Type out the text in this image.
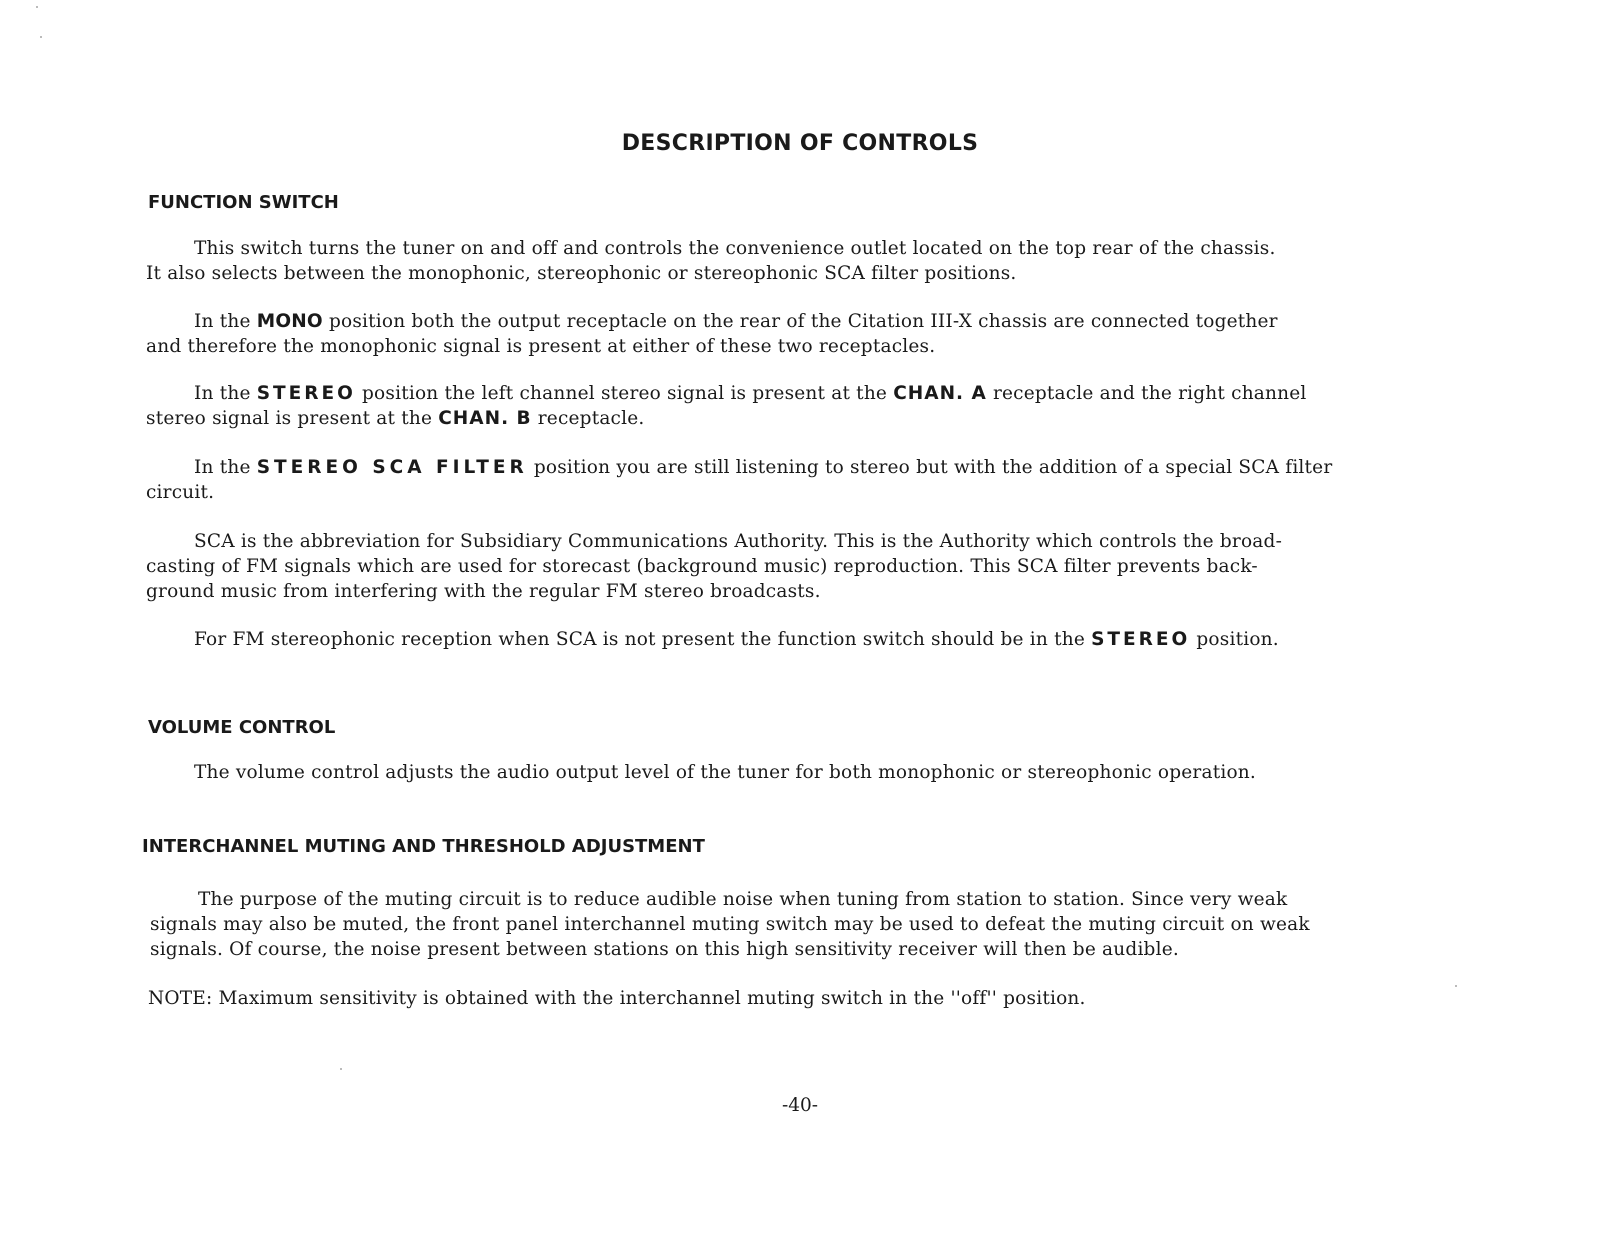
DESCRIPTION OF CONTROLS
FUNCTION SWITCH
This switch turns the tuner on and off and controls the convenience outlet located on the top rear of the chassis.
It also selects between the monophonic, stereophonic or stereophonic SCA filter positions.
In the MONO position both the output receptacle on the rear of the Citation III-X chassis are connected together
and therefore the monophonic signal is present at either of these two receptacles.
In the STEREO position the left channel stereo signal is present at the CHAN. A receptacle and the right channel
stereo signal is present at the CHAN. B receptacle.
In the STEREO SCA FILTER position you are still listening to stereo but with the addition of a special SCA filter
circuit.
SCA is the abbreviation for Subsidiary Communications Authority. This is the Authority which controls the broad-
casting of FM signals which are used for storecast (background music) reproduction. This SCA filter prevents back-
ground music from interfering with the regular FM stereo broadcasts.
For FM stereophonic reception when SCA is not present the function switch should be in the STEREO position.
VOLUME CONTROL
The volume control adjusts the audio output level of the tuner for both monophonic or stereophonic operation.
INTERCHANNEL MUTING AND THRESHOLD ADJUSTMENT
The purpose of the muting circuit is to reduce audible noise when tuning from station to station. Since very weak
signals may also be muted, the front panel interchannel muting switch may be used to defeat the muting circuit on weak
signals. Of course, the noise present between stations on this high sensitivity receiver will then be audible.
NOTE: Maximum sensitivity is obtained with the interchannel muting switch in the ''off'' position.
-40-
